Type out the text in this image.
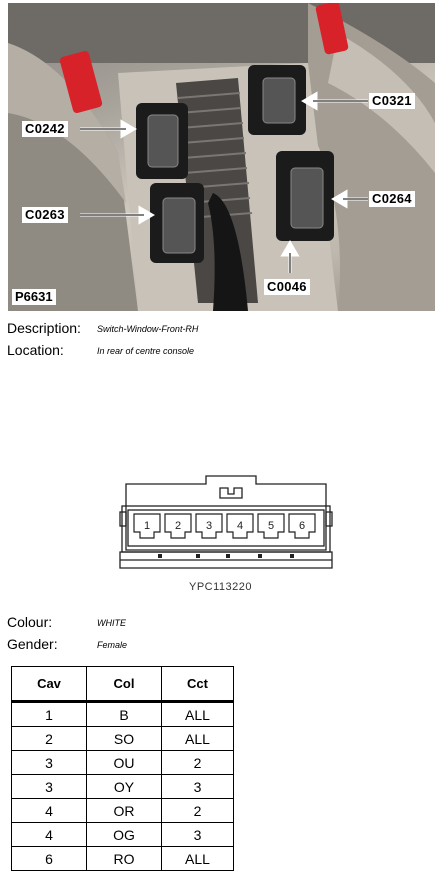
C0321
C0242
C0263
C0264
C0046
P6631
Description: Switch-Window-Front-RH
Location:	In rear of centre console
1 2 3 4 5 6
YPC113220
Colour:	WHITE
Gender:	Female
Cav	Col	Cct
1	B	ALL
2	SO	ALL
3	OU	2
3	OY	3
4	OR	2
4	OG	3
6	RO	ALL
